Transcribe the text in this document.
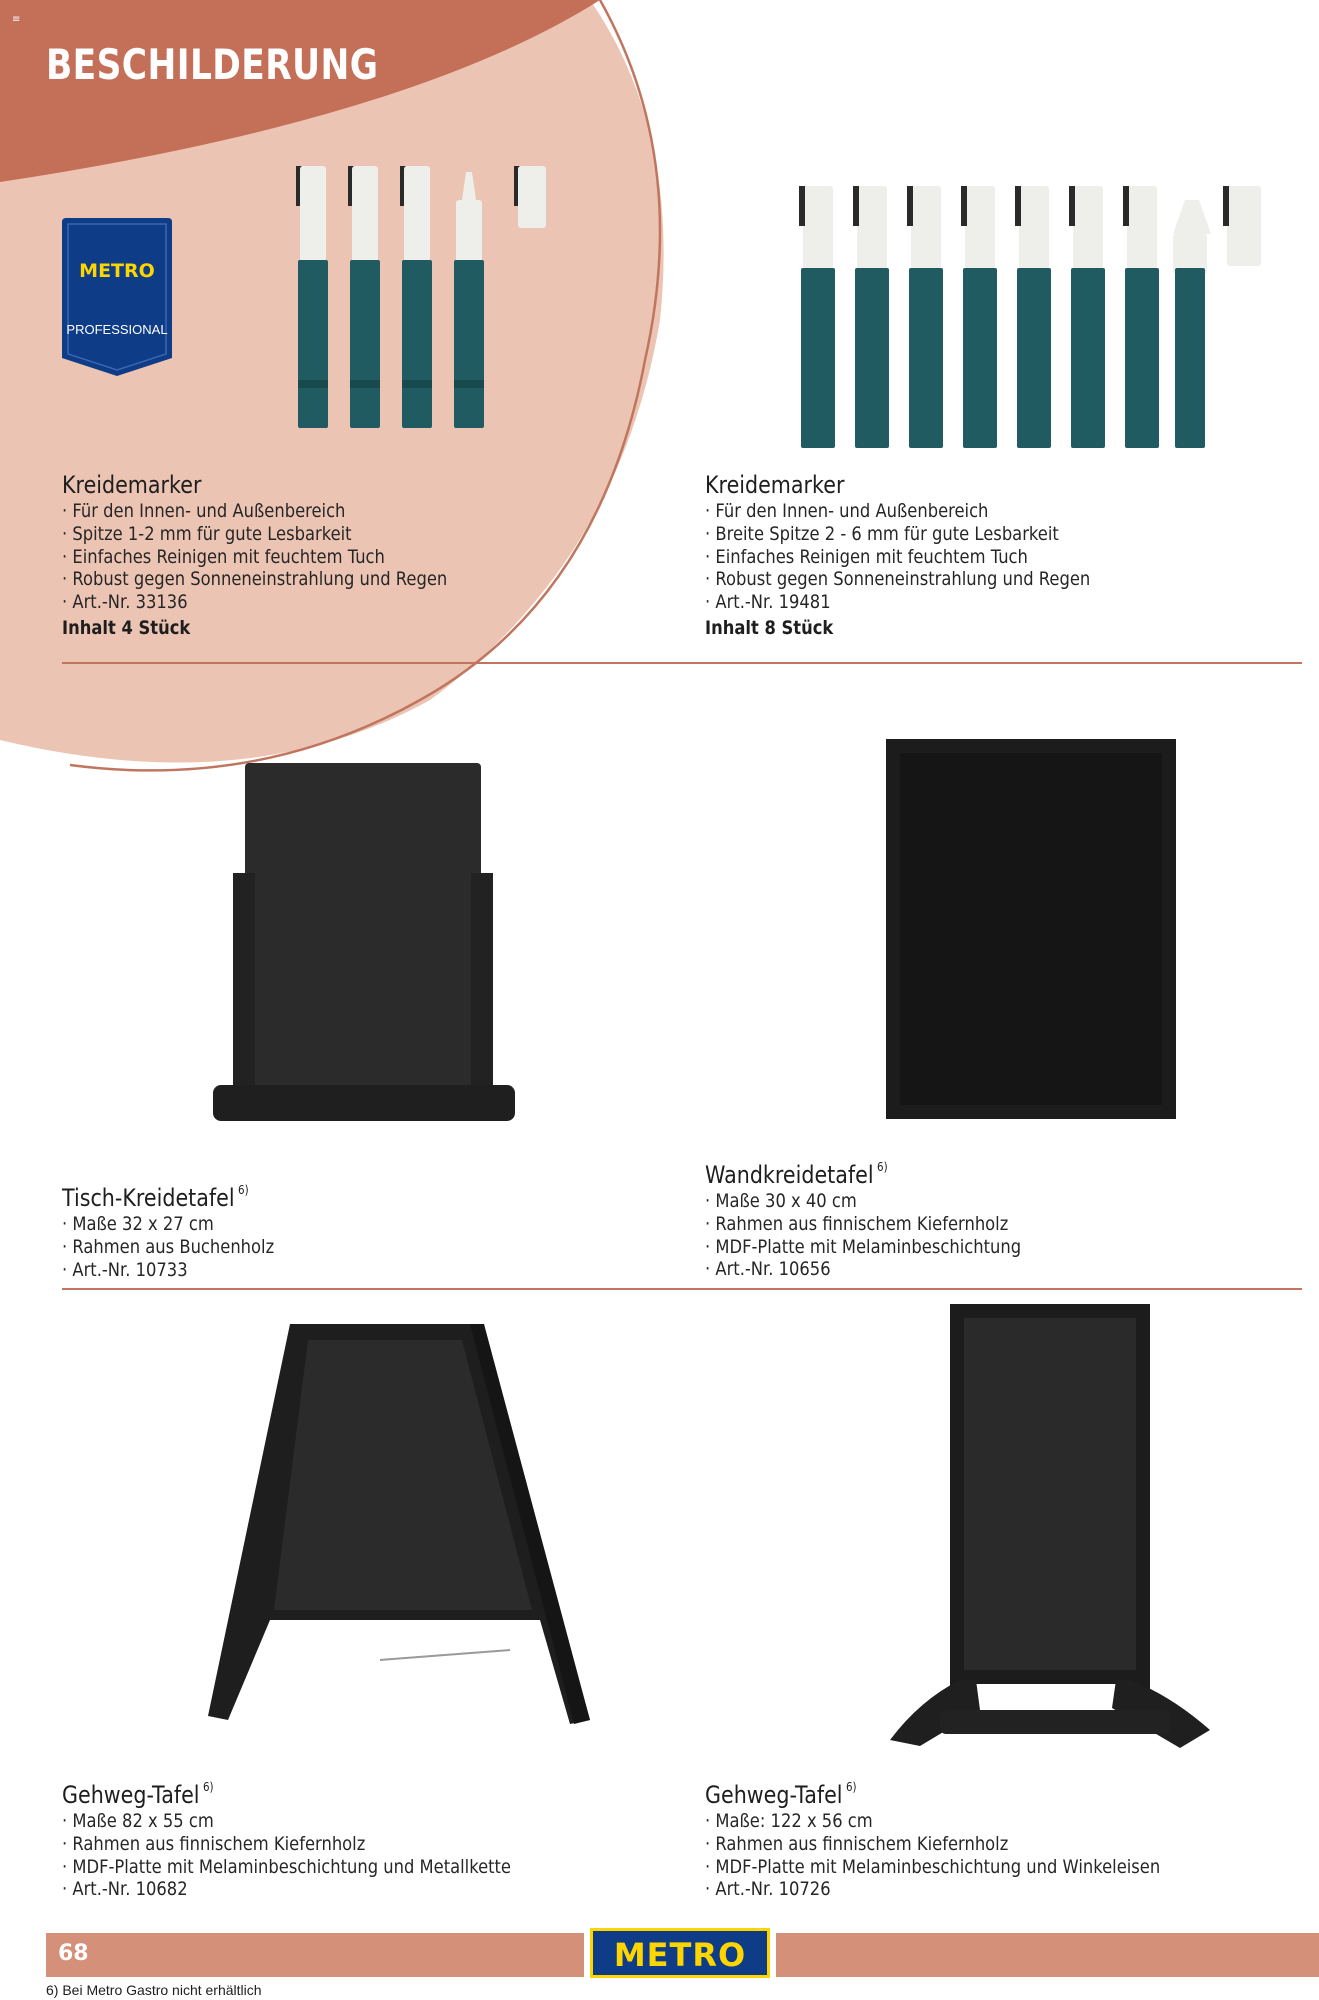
≡
BESCHILDERUNG
METRO
PROFESSIONAL
Kreidemarker
· Für den Innen- und Außenbereich
· Spitze 1-2 mm für gute Lesbarkeit
· Einfaches Reinigen mit feuchtem Tuch
· Robust gegen Sonneneinstrahlung und Regen
· Art.-Nr. 33136
Inhalt 4 Stück
Kreidemarker
· Für den Innen- und Außenbereich
· Breite Spitze 2 - 6 mm für gute Lesbarkeit
· Einfaches Reinigen mit feuchtem Tuch
· Robust gegen Sonneneinstrahlung und Regen
· Art.-Nr. 19481
Inhalt 8 Stück
Tisch-Kreidetafel $^{6)}$
· Maße 32 x 27 cm
· Rahmen aus Buchenholz
· Art.-Nr. 10733
Wandkreidetafel $^{6)}$
· Maße 30 x 40 cm
· Rahmen aus finnischem Kiefernholz
· MDF-Platte mit Melaminbeschichtung
· Art.-Nr. 10656
Gehweg-Tafel $^{6)}$
· Maße 82 x 55 cm
· Rahmen aus finnischem Kiefernholz
· MDF-Platte mit Melaminbeschichtung und Metallkette
· Art.-Nr. 10682
Gehweg-Tafel $^{6)}$
· Maße: 122 x 56 cm
· Rahmen aus finnischem Kiefernholz
· MDF-Platte mit Melaminbeschichtung und Winkeleisen
· Art.-Nr. 10726
68	METRO
6) Bei Metro Gastro nicht erhältlich
